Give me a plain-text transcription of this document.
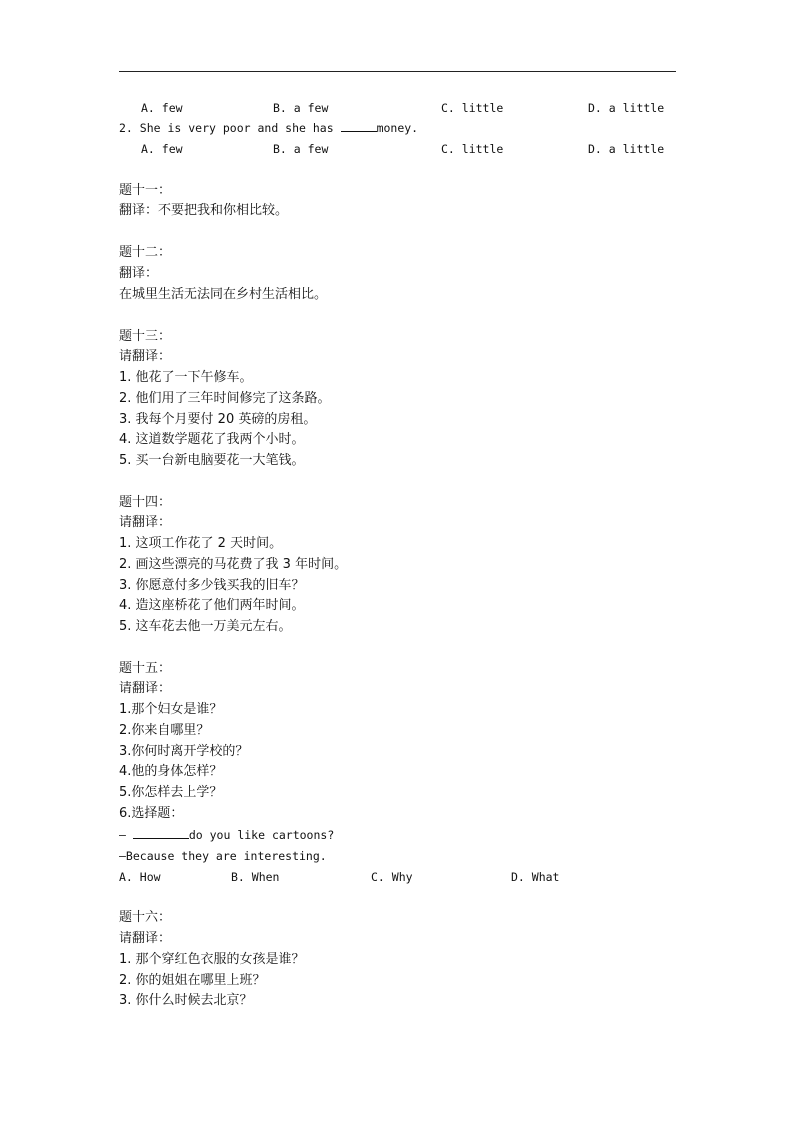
A. few	B. a few	C. little	D. a little
2. She is very poor and she has	money.
A. few	B. a few	C. little	D. a little
题十一：
翻译：不要把我和你相比较。
题十二：
翻译：
在城里生活无法同在乡村生活相比。
题十三：
请翻译：
1. 他花了一下午修车。
2. 他们用了三年时间修完了这条路。
3. 我每个月要付 20 英磅的房租。
4. 这道数学题花了我两个小时。
5. 买一台新电脑要花一大笔钱。
题十四：
请翻译：
1. 这项工作花了 2 天时间。
2. 画这些漂亮的马花费了我 3 年时间。
3. 你愿意付多少钱买我的旧车？
4. 造这座桥花了他们两年时间。
5. 这车花去他一万美元左右。
题十五：
请翻译：
1.那个妇女是谁？
2.你来自哪里？
3.你何时离开学校的？
4.他的身体怎样？
5.你怎样去上学？
6.选择题：
—	do you like cartoons?
—Because they are interesting.
A. How	B. When	C. Why	D. What
题十六：
请翻译：
1. 那个穿红色衣服的女孩是谁？
2. 你的姐姐在哪里上班？
3. 你什么时候去北京？
